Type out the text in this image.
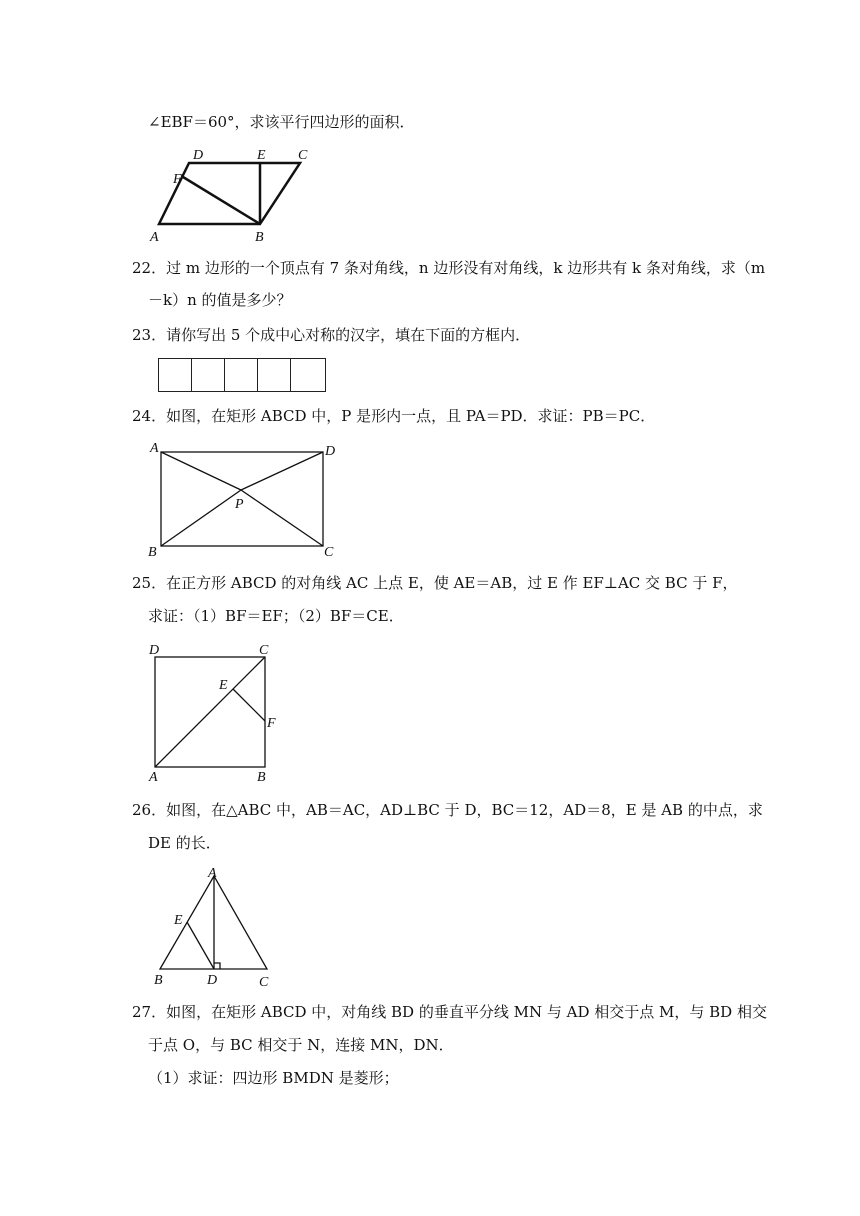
∠EBF＝60°，求该平行四边形的面积．
D	E C
F
A	B
22．过 m 边形的一个顶点有 7 条对角线，n 边形没有对角线，k 边形共有 k 条对角线，求（m
－k）n 的值是多少？
23．请你写出 5 个成中心对称的汉字，填在下面的方框内．
24．如图，在矩形 ABCD 中，P 是形内一点，且 PA＝PD．求证：PB＝PC．
A	D
P
B	C
25．在正方形 ABCD 的对角线 AC 上点 E，使 AE＝AB，过 E 作 EF⊥AC 交 BC 于 F，
求证：（1）BF＝EF；（2）BF＝CE．
D	C
E
F
A	B
26．如图，在△ABC 中，AB＝AC，AD⊥BC 于 D，BC＝12，AD＝8，E 是 AB 的中点，求
DE 的长．
A
E
B	D	C
27．如图，在矩形 ABCD 中，对角线 BD 的垂直平分线 MN 与 AD 相交于点 M，与 BD 相交
于点 O，与 BC 相交于 N，连接 MN，DN．
（1）求证：四边形 BMDN 是菱形；
